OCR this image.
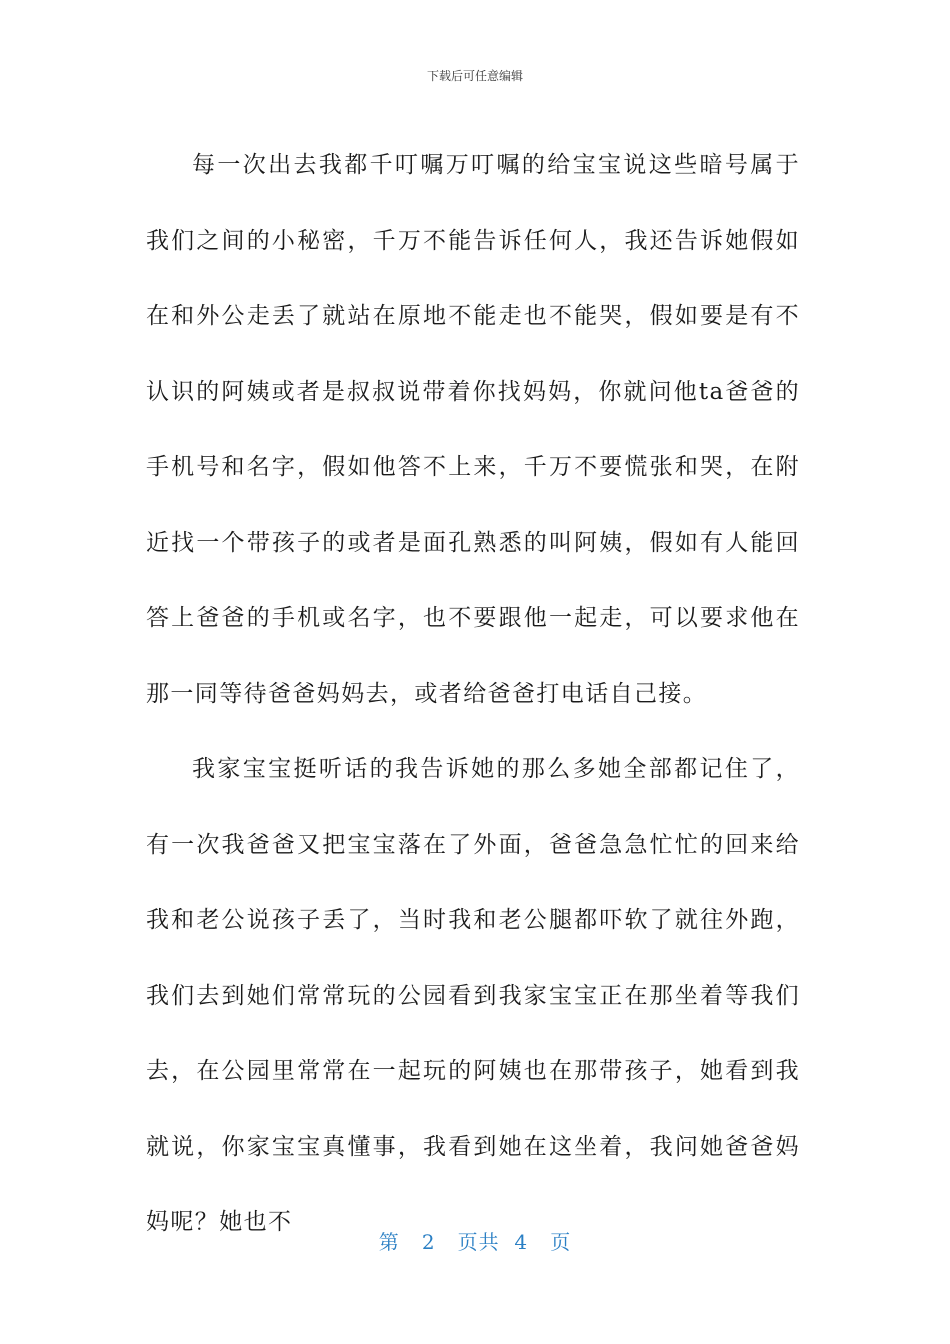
下载后可任意编辑

每一次出去我都千叮嘱万叮嘱的给宝宝说这些暗号属于我们之间的小秘密，千万不能告诉任何人，我还告诉她假如在和外公走丢了就站在原地不能走也不能哭，假如要是有不认识的阿姨或者是叔叔说带着你找妈妈，你就问他ta爸爸的手机号和名字，假如他答不上来，千万不要慌张和哭，在附近找一个带孩子的或者是面孔熟悉的叫阿姨，假如有人能回答上爸爸的手机或名字，也不要跟他一起走，可以要求他在那一同等待爸爸妈妈去，或者给爸爸打电话自己接。

我家宝宝挺听话的我告诉她的那么多她全部都记住了，有一次我爸爸又把宝宝落在了外面，爸爸急急忙忙的回来给我和老公说孩子丢了，当时我和老公腿都吓软了就往外跑，我们去到她们常常玩的公园看到我家宝宝正在那坐着等我们去，在公园里常常在一起玩的阿姨也在那带孩子，她看到我就说，你家宝宝真懂事，我看到她在这坐着，我问她爸爸妈妈呢？她也不

第 2 页共 4 页
